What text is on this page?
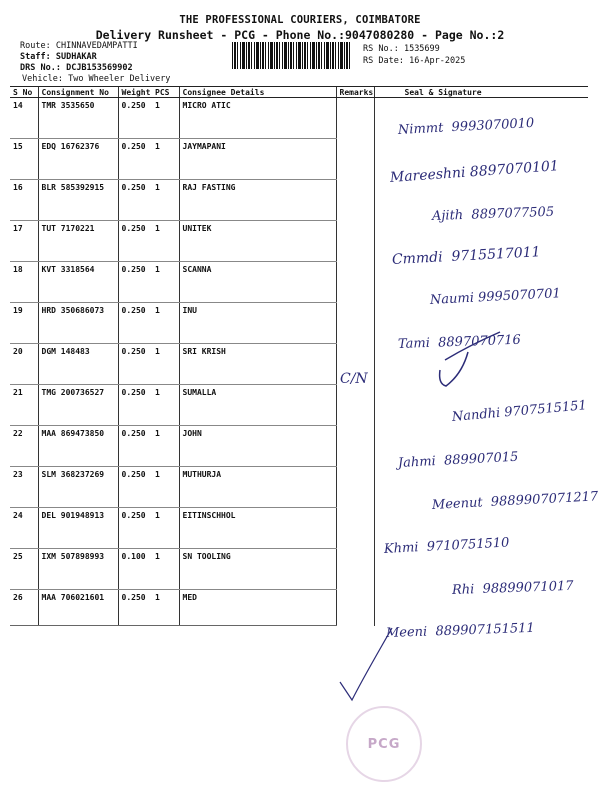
THE PROFESSIONAL COURIERS, COIMBATORE
Delivery Runsheet - PCG - Phone No.:9047080280 - Page No.:2
Route: CHINNAVEDAMPATTI
Staff: SUDHAKAR
DRS No.: DCJB153569902
Vehicle: Two Wheeler Delivery
RS No.: 1535699
RS Date: 16-Apr-2025
S No	Consignment No	Weight	PCS	Consignee Details	Remarks	Seal & Signature
14	TMR 3535650	0.250	1	MICRO ATIC		
15	EDQ 16762376	0.250	1	JAYMAPANI		
16	BLR 585392915	0.250	1	RAJ FASTING		
17	TUT 7170221	0.250	1	UNITEK		
18	KVT 3318564	0.250	1	SCANNA		
19	HRD 350686073	0.250	1	INU		
20	DGM 148483	0.250	1	SRI KRISH		
21	TMG 200736527	0.250	1	SUMALLA		
22	MAA 869473850	0.250	1	JOHN		
23	SLM 368237269	0.250	1	MUTHURJA		
24	DEL 901948913	0.250	1	EITINSCHHOL		
25	IXM 507898993	0.100	1	SN TOOLING		
26	MAA 706021601	0.250	1	MED		
C/N
Nimmt 9993070010
Mareeshni 8897070101
Ajith 8897077505
Cmmdi 9715517011
Naumi 9995070701
Tami 8897070716
Nandhi 9707515151
Jahmi 889907015
Meenut 9889907071217
Khmi 9710751510
Rhi 98899071017
Meeni 889907151511
PCG
